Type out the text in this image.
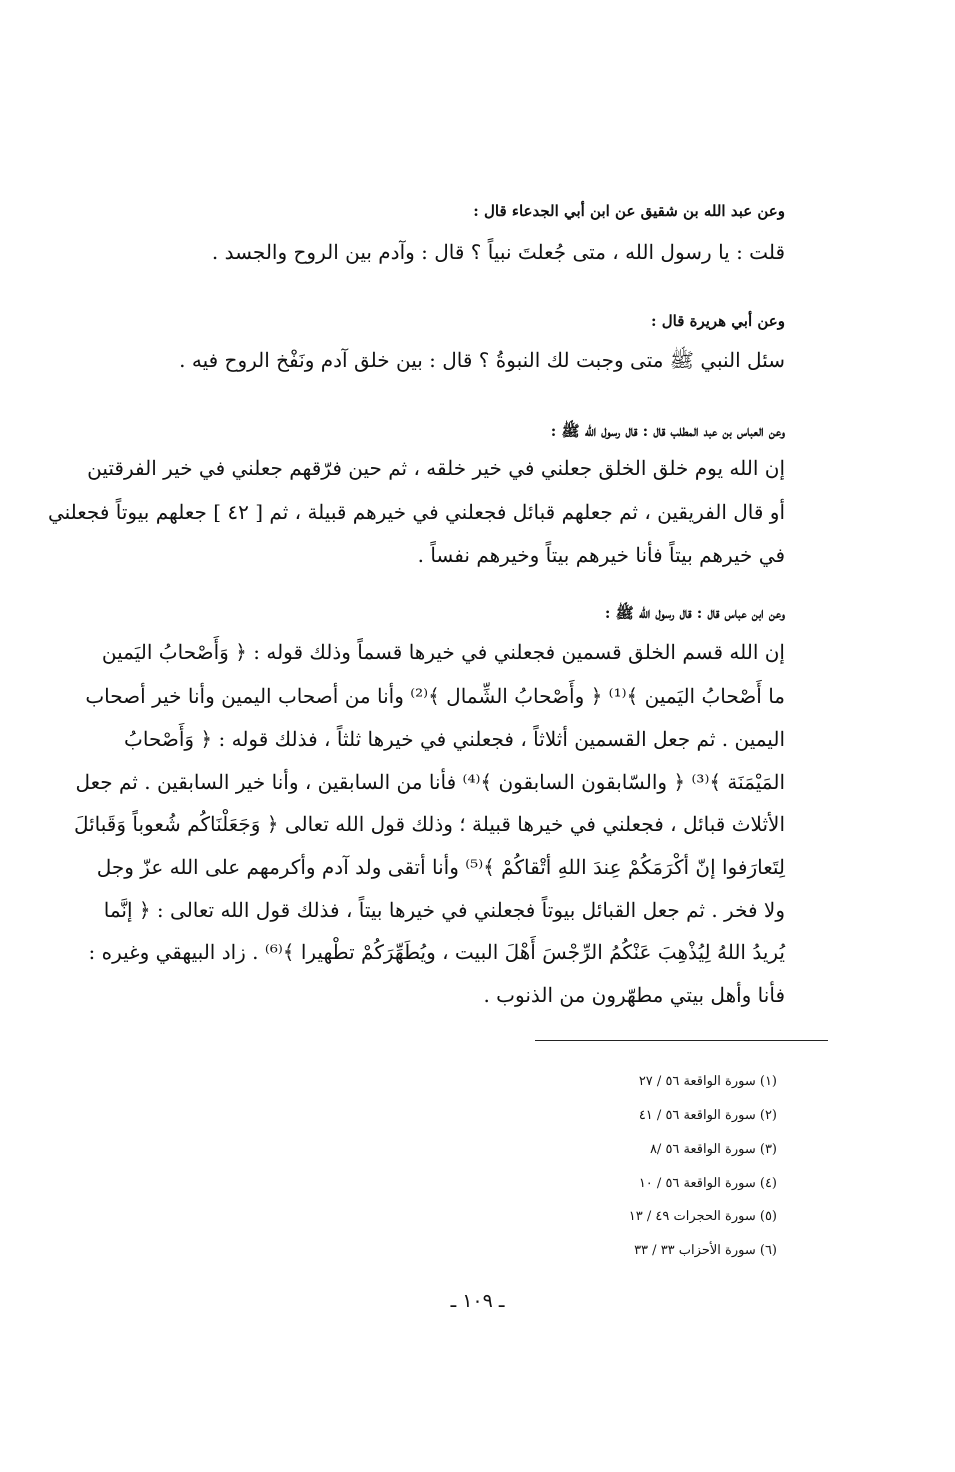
وعن عبد الله بن شقيق عن ابن أبي الجدعاء قال :
قلت : يا رسول الله ، متى جُعلتَ نبياً ؟ قال : وآدم بين الروح والجسد .
وعن أبي هريرة قال :
سئل النبي ﷺ متى وجبت لك النبوةُ ؟ قال : بين خلق آدم ونَفْخ الروح فيه .
وعن العباس بن عبد المطلب قال : قال رسول الله ﷺ :
إن الله يوم خلق الخلق جعلني في خير خلقه ، ثم حين فرّقهم جعلني في خير الفرقتين
أو قال الفريقين ، ثم جعلهم قبائل فجعلني في خيرهم قبيلة ، ثم [ ٤٢ ] جعلهم بيوتاً فجعلني
في خيرهم بيتاً فأنا خيرهم بيتاً وخيرهم نفساً .
وعن ابن عباس قال : قال رسول الله ﷺ :
إن الله قسم الخلق قسمين فجعلني في خيرها قسماً وذلك قوله : ﴿ وَأَصْحابُ اليَمين
ما أَصْحابُ اليَمين ﴾⁽¹⁾ ﴿ وأَصْحابُ الشِّمال ﴾⁽²⁾ وأنا من أصحاب اليمين وأنا خير أصحاب
اليمين . ثم جعل القسمين أثلاثاً ، فجعلني في خيرها ثلثاً ، فذلك قوله : ﴿ وَأَصْحابُ
المَيْمَنَة ﴾⁽³⁾ ﴿ والسّابقون السابقون ﴾⁽⁴⁾ فأنا من السابقين ، وأنا خير السابقين . ثم جعل
الأثلاث قبائل ، فجعلني في خيرها قبيلة ؛ وذلك قول الله تعالى ﴿ وَجَعَلْنَاكُم شُعوباً وَقَبائلَ
لِتَعارَفوا إنّ أكْرَمَكُمْ عِندَ اللهِ أتْقاكُمْ ﴾⁽⁵⁾ وأنا أتقى ولد آدم وأكرمهم على الله عزّ وجل
ولا فخر . ثم جعل القبائل بيوتاً فجعلني في خيرها بيتاً ، فذلك قول الله تعالى : ﴿ إنَّما
يُريدُ اللهُ لِيُذْهِبَ عَنْكُمُ الرِّجْسَ أَهْلَ البيت ، ويُطَهِّرَكُمْ تطْهيرا ﴾⁽⁶⁾ . زاد البيهقي وغيره :
فأنا وأهل بيتي مطهّرون من الذنوب .
(١) سورة الواقعة ٥٦ / ٢٧
(٢) سورة الواقعة ٥٦ / ٤١
(٣) سورة الواقعة ٥٦ /٨
(٤) سورة الواقعة ٥٦ / ١٠
(٥) سورة الحجرات ٤٩ / ١٣
(٦) سورة الأحزاب ٣٣ / ٣٣
ـ ١٠٩ ـ
